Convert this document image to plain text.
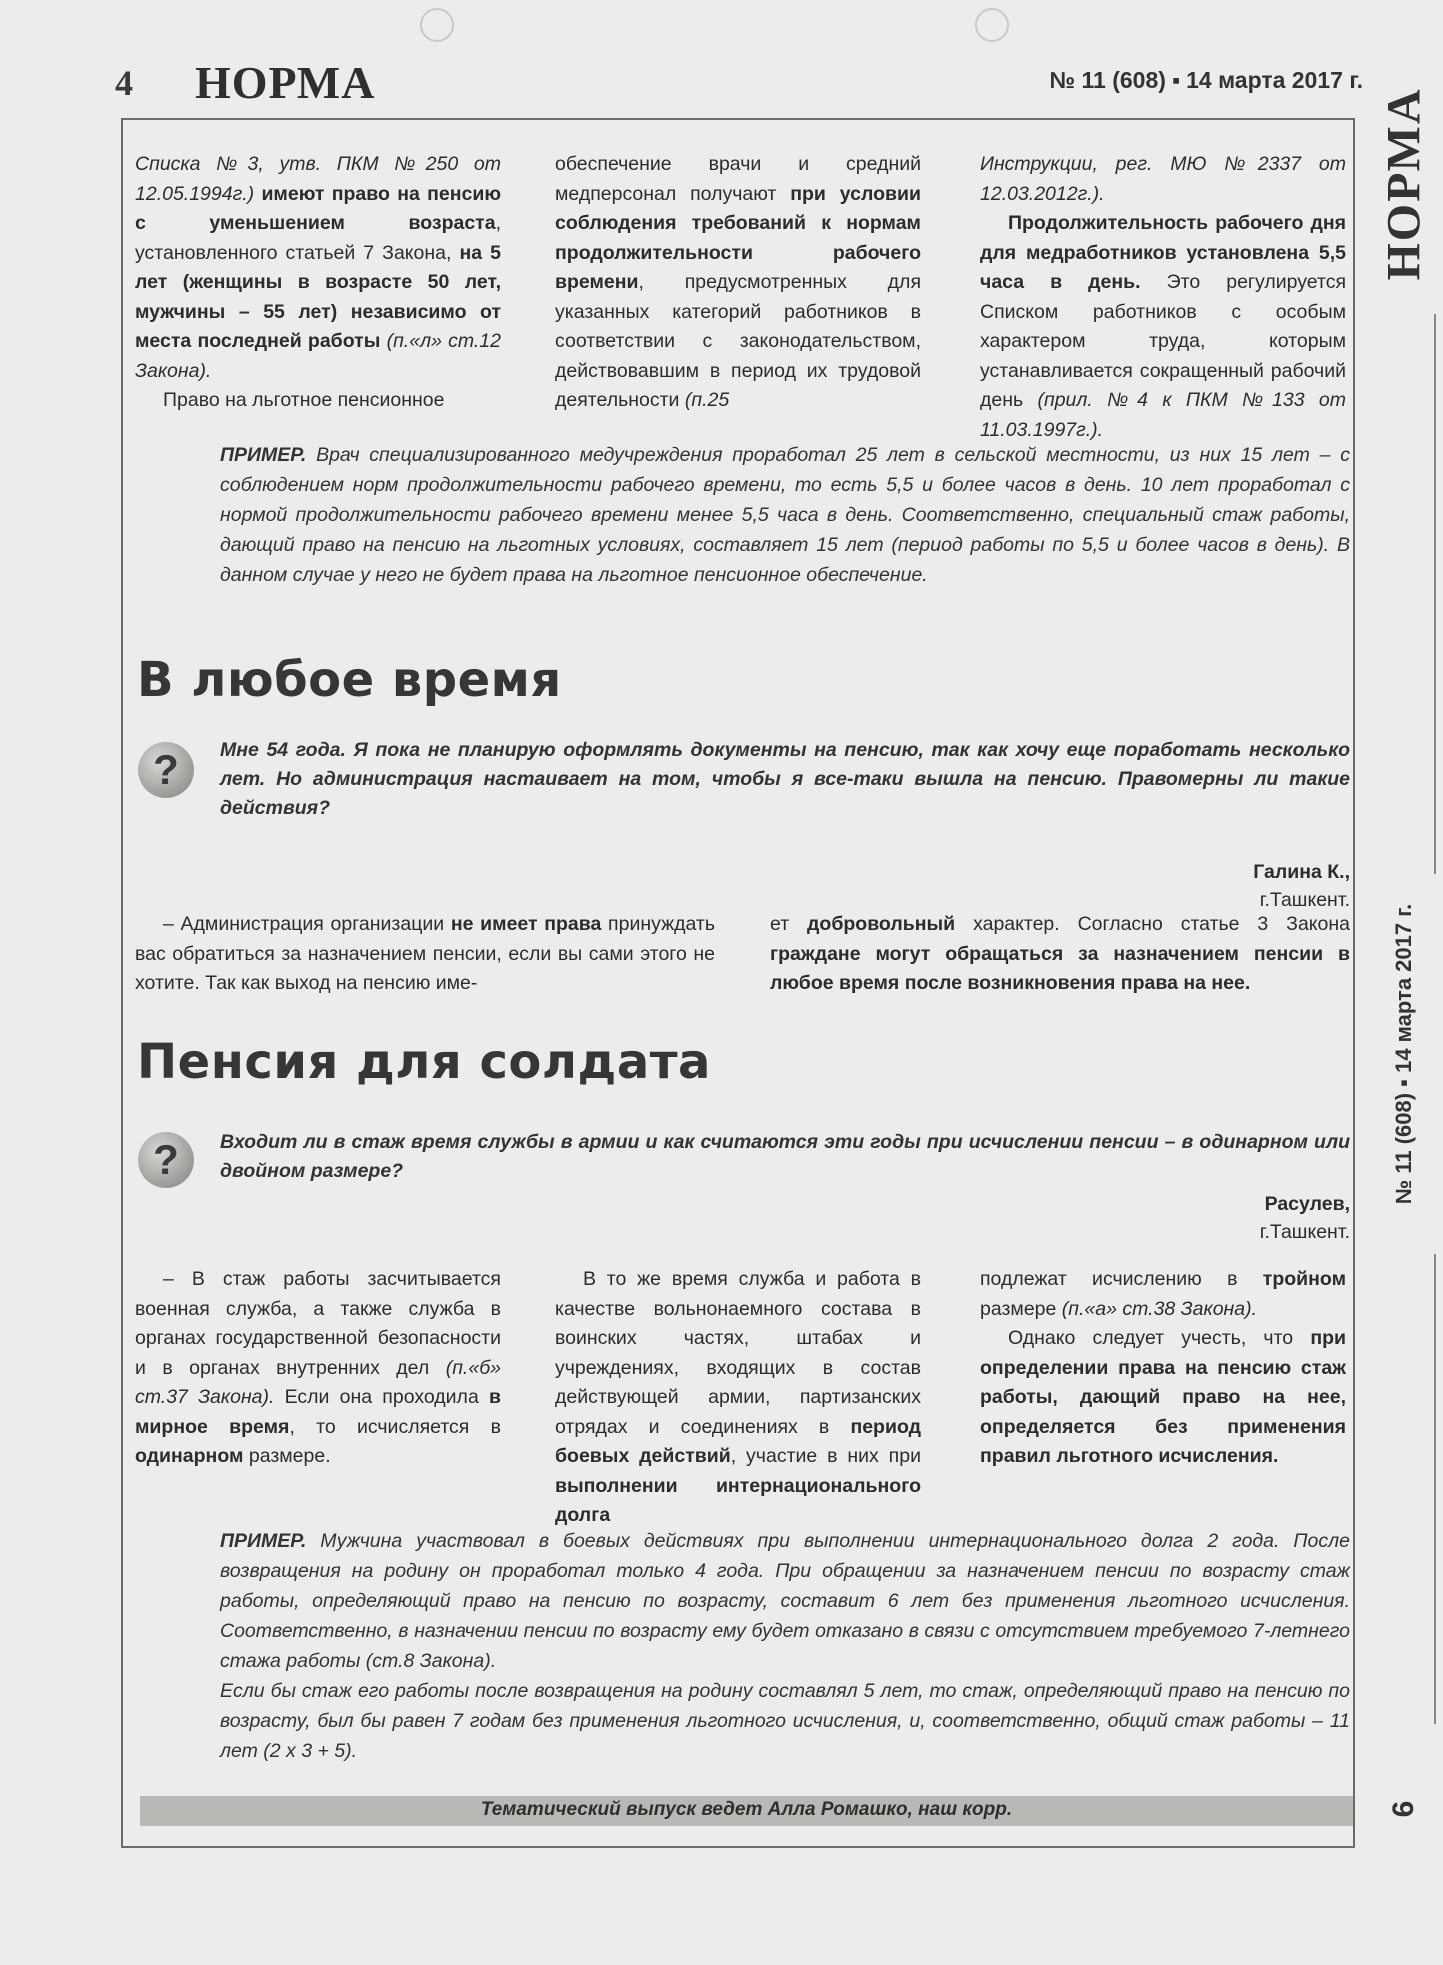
4 НОРМА	№ 11 (608) ▪ 14 марта 2017 г.
НОРМА
№ 11 (608) ▪ 14 марта 2017 г.
6

Списка №3, утв. ПКМ №250 от 12.05.1994г.) имеют право на пенсию с уменьшением возраста, установленного статьей 7 Закона, на 5 лет (женщины в возрасте 50 лет, мужчины – 55 лет) независимо от места последней работы (п.«л» ст.12 Закона).

Право на льготное пенсионное

обеспечение врачи и средний медперсонал получают при условии соблюдения требований к нормам продолжительности рабочего времени, предусмотренных для указанных категорий работников в соответствии с законодательством, действовавшим в период их трудовой деятельности (п.25

Инструкции, рег. МЮ №2337 от 12.03.2012г.).

Продолжительность рабочего дня для медработников установлена 5,5 часа в день. Это регулируется Списком работников с особым характером труда, которым устанавливается сокращенный рабочий день (прил. №4 к ПКМ №133 от 11.03.1997г.).

ПРИМЕР. Врач специализированного медучреждения проработал 25 лет в сельской местности, из них 15 лет – с соблюдением норм продолжительности рабочего времени, то есть 5,5 и более часов в день. 10 лет проработал с нормой продолжительности рабочего времени менее 5,5 часа в день. Соответственно, специальный стаж работы, дающий право на пенсию на льготных условиях, составляет 15 лет (период работы по 5,5 и более часов в день). В данном случае у него не будет права на льготное пенсионное обеспечение.

В любое время
?	Мне 54 года. Я пока не планирую оформлять документы на пенсию, так как хочу еще поработать несколько лет. Но администрация настаивает на том, чтобы я все-таки вышла на пенсию. Правомерны ли такие действия?
Галина К.,
г.Ташкент.

– Администрация организации не имеет права принуждать вас обратиться за назначением пенсии, если вы сами этого не хотите. Так как выход на пенсию име-

ет добровольный характер. Согласно статье 3 Закона граждане могут обращаться за назначением пенсии в любое время после возникновения права на нее.

Пенсия для солдата
?	Входит ли в стаж время службы в армии и как считаются эти годы при исчислении пенсии – в одинарном или двойном размере?
Расулев,
г.Ташкент.

– В стаж работы засчитывается военная служба, а также служба в органах государственной безопасности и в органах внутренних дел (п.«б» ст.37 Закона). Если она проходила в мирное время, то исчисляется в одинарном размере.

В то же время служба и работа в качестве вольнонаемного состава в воинских частях, штабах и учреждениях, входящих в состав действующей армии, партизанских отрядах и соединениях в период боевых действий, участие в них при выполнении интернационального долга

подлежат исчислению в тройном размере (п.«а» ст.38 Закона).

Однако следует учесть, что при определении права на пенсию стаж работы, дающий право на нее, определяется без применения правил льготного исчисления.

ПРИМЕР. Мужчина участвовал в боевых действиях при выполнении интернационального долга 2 года. После возвращения на родину он проработал только 4 года. При обращении за назначением пенсии по возрасту стаж работы, определяющий право на пенсию по возрасту, составит 6 лет без применения льготного исчисления. Соответственно, в назначении пенсии по возрасту ему будет отказано в связи с отсутствием требуемого 7-летнего стажа работы (ст.8 Закона).

Если бы стаж его работы после возвращения на родину составлял 5 лет, то стаж, определяющий право на пенсию по возрасту, был бы равен 7 годам без применения льготного исчисления, и, соответственно, общий стаж работы – 11 лет (2 х 3 + 5).

Тематический выпуск ведет Алла Ромашко, наш корр.
